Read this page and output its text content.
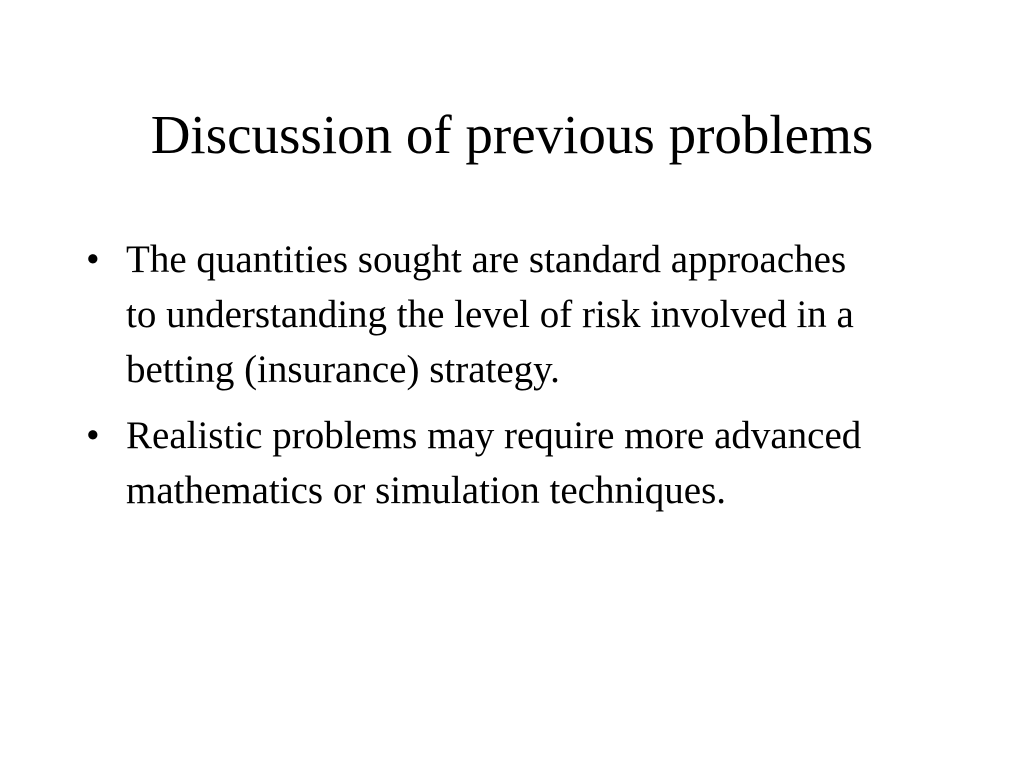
Discussion of previous problems
• The quantities sought are standard approaches to understanding the level of risk involved in a betting (insurance) strategy.
• Realistic problems may require more advanced mathematics or simulation techniques.
